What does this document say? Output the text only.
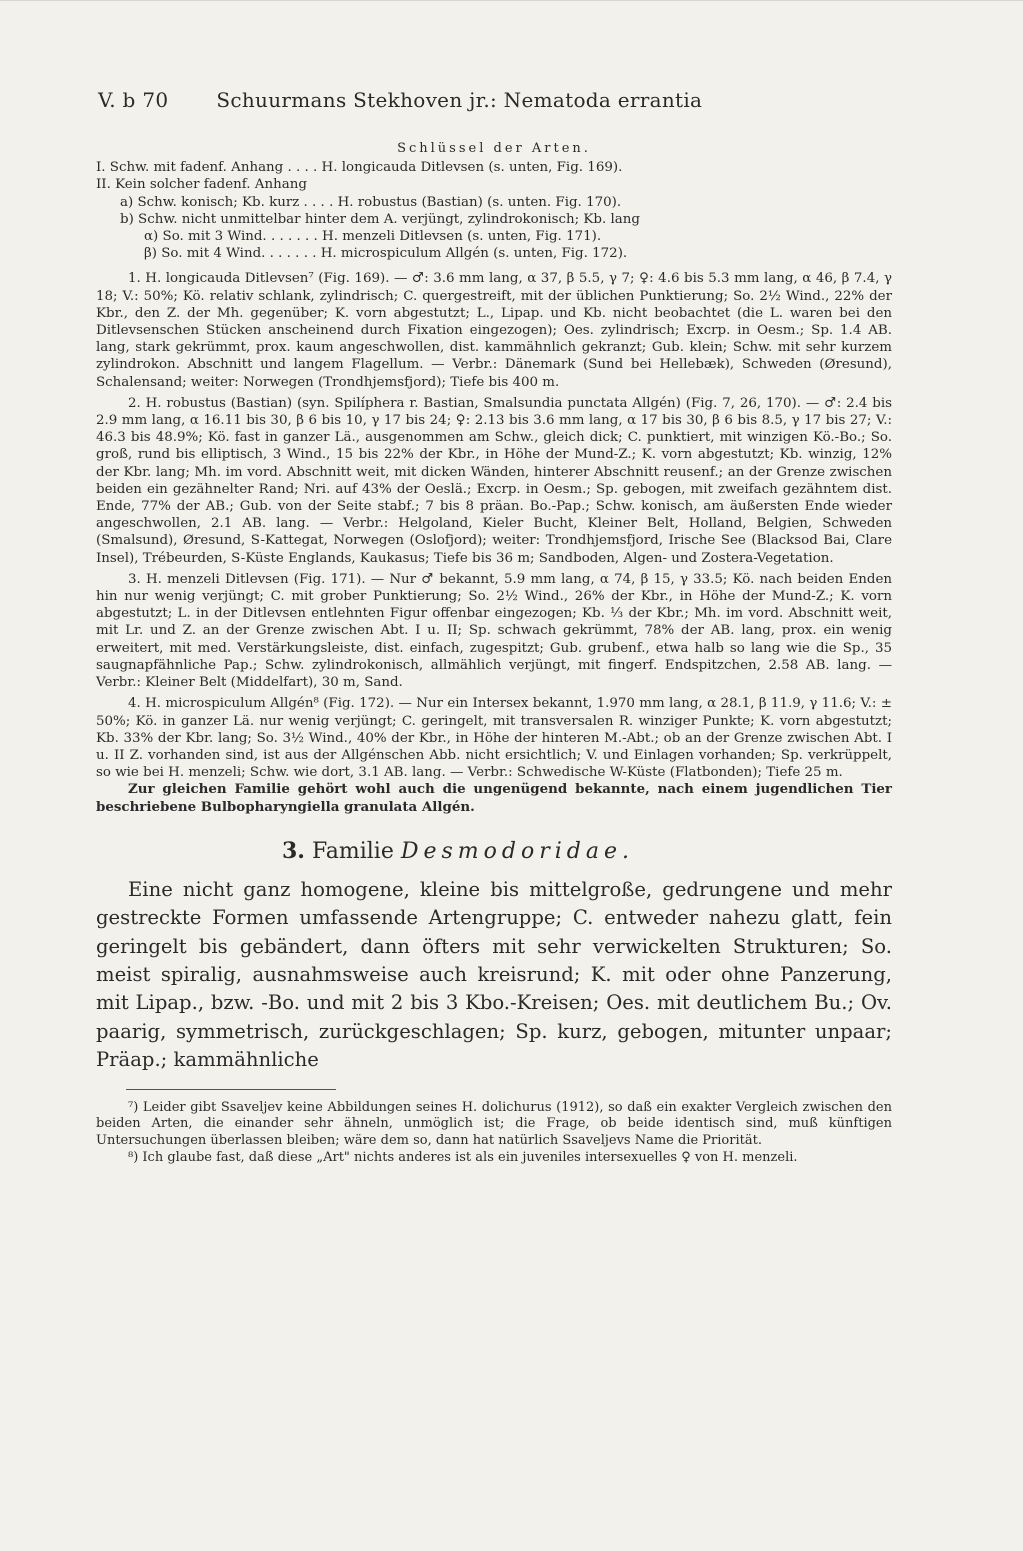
V. b 70 Schuurmans Stekhoven jr.: Nematoda errantia
Schlüssel der Arten.
I. Schw. mit fadenf. Anhang . . . . H. longicauda Ditlevsen (s. unten, Fig. 169).
II. Kein solcher fadenf. Anhang
a) Schw. konisch; Kb. kurz . . . . H. robustus (Bastian) (s. unten. Fig. 170).
b) Schw. nicht unmittelbar hinter dem A. verjüngt, zylindrokonisch; Kb. lang
α) So. mit 3 Wind. . . . . . . H. menzeli Ditlevsen (s. unten, Fig. 171).
β) So. mit 4 Wind. . . . . . . H. microspiculum Allgén (s. unten, Fig. 172).

1. H. longicauda Ditlevsen⁷ (Fig. 169). — ♂: 3.6 mm lang, α 37, β 5.5, γ 7; ♀: 4.6 bis 5.3 mm lang, α 46, β 7.4, γ 18; V.: 50%; Kö. relativ schlank, zylindrisch; C. quergestreift, mit der üblichen Punktierung; So. 2½ Wind., 22% der Kbr., den Z. der Mh. gegenüber; K. vorn abgestutzt; L., Lipap. und Kb. nicht beobachtet (die L. waren bei den Ditlevsenschen Stücken anscheinend durch Fixation eingezogen); Oes. zylindrisch; Excrp. in Oesm.; Sp. 1.4 AB. lang, stark gekrümmt, prox. kaum angeschwollen, dist. kammähnlich gekranzt; Gub. klein; Schw. mit sehr kurzem zylindrokon. Abschnitt und langem Flagellum. — Verbr.: Dänemark (Sund bei Hellebæk), Schweden (Øresund), Schalensand; weiter: Norwegen (Trondhjemsfjord); Tiefe bis 400 m.

2. H. robustus (Bastian) (syn. Spilíphera r. Bastian, Smalsundia punctata Allgén) (Fig. 7, 26, 170). — ♂: 2.4 bis 2.9 mm lang, α 16.11 bis 30, β 6 bis 10, γ 17 bis 24; ♀: 2.13 bis 3.6 mm lang, α 17 bis 30, β 6 bis 8.5, γ 17 bis 27; V.: 46.3 bis 48.9%; Kö. fast in ganzer Lä., ausgenommen am Schw., gleich dick; C. punktiert, mit winzigen Kö.-Bo.; So. groß, rund bis elliptisch, 3 Wind., 15 bis 22% der Kbr., in Höhe der Mund-Z.; K. vorn abgestutzt; Kb. winzig, 12% der Kbr. lang; Mh. im vord. Abschnitt weit, mit dicken Wänden, hinterer Abschnitt reusenf.; an der Grenze zwischen beiden ein gezähnelter Rand; Nri. auf 43% der Oeslä.; Excrp. in Oesm.; Sp. gebogen, mit zweifach gezähntem dist. Ende, 77% der AB.; Gub. von der Seite stabf.; 7 bis 8 präan. Bo.-Pap.; Schw. konisch, am äußersten Ende wieder angeschwollen, 2.1 AB. lang. — Verbr.: Helgoland, Kieler Bucht, Kleiner Belt, Holland, Belgien, Schweden (Smalsund), Øresund, S-Kattegat, Norwegen (Oslofjord); weiter: Trondhjemsfjord, Irische See (Blacksod Bai, Clare Insel), Trébeurden, S-Küste Englands, Kaukasus; Tiefe bis 36 m; Sandboden, Algen- und Zostera-Vegetation.

3. H. menzeli Ditlevsen (Fig. 171). — Nur ♂ bekannt, 5.9 mm lang, α 74, β 15, γ 33.5; Kö. nach beiden Enden hin nur wenig verjüngt; C. mit grober Punktierung; So. 2½ Wind., 26% der Kbr., in Höhe der Mund-Z.; K. vorn abgestutzt; L. in der Ditlevsen entlehnten Figur offenbar eingezogen; Kb. ⅓ der Kbr.; Mh. im vord. Abschnitt weit, mit Lr. und Z. an der Grenze zwischen Abt. I u. II; Sp. schwach gekrümmt, 78% der AB. lang, prox. ein wenig erweitert, mit med. Verstärkungsleiste, dist. einfach, zugespitzt; Gub. grubenf., etwa halb so lang wie die Sp., 35 saugnapfähnliche Pap.; Schw. zylindrokonisch, allmählich verjüngt, mit fingerf. Endspitzchen, 2.58 AB. lang. — Verbr.: Kleiner Belt (Middelfart), 30 m, Sand.

4. H. microspiculum Allgén⁸ (Fig. 172). — Nur ein Intersex bekannt, 1.970 mm lang, α 28.1, β 11.9, γ 11.6; V.: ± 50%; Kö. in ganzer Lä. nur wenig verjüngt; C. geringelt, mit transversalen R. winziger Punkte; K. vorn abgestutzt; Kb. 33% der Kbr. lang; So. 3½ Wind., 40% der Kbr., in Höhe der hinteren M.-Abt.; ob an der Grenze zwischen Abt. I u. II Z. vorhanden sind, ist aus der Allgénschen Abb. nicht ersichtlich; V. und Einlagen vorhanden; Sp. verkrüppelt, so wie bei H. menzeli; Schw. wie dort, 3.1 AB. lang. — Verbr.: Schwedische W-Küste (Flatbonden); Tiefe 25 m.

Zur gleichen Familie gehört wohl auch die ungenügend bekannte, nach einem jugendlichen Tier beschriebene Bulbopharyngiella granulata Allgén.

3. Familie Desmodoridae.

Eine nicht ganz homogene, kleine bis mittelgroße, gedrungene und mehr gestreckte Formen umfassende Artengruppe; C. entweder nahezu glatt, fein geringelt bis gebändert, dann öfters mit sehr verwickelten Strukturen; So. meist spiralig, ausnahmsweise auch kreisrund; K. mit oder ohne Panzerung, mit Lipap., bzw. -Bo. und mit 2 bis 3 Kbo.-Kreisen; Oes. mit deutlichem Bu.; Ov. paarig, symmetrisch, zurückgeschlagen; Sp. kurz, gebogen, mitunter unpaar; Präap.; kammähnliche

⁷) Leider gibt Ssaveljev keine Abbildungen seines H. dolichurus (1912), so daß ein exakter Vergleich zwischen den beiden Arten, die einander sehr ähneln, unmöglich ist; die Frage, ob beide identisch sind, muß künftigen Untersuchungen überlassen bleiben; wäre dem so, dann hat natürlich Ssaveljevs Name die Priorität.

⁸) Ich glaube fast, daß diese „Art" nichts anderes ist als ein juveniles intersexuelles ♀ von H. menzeli.
